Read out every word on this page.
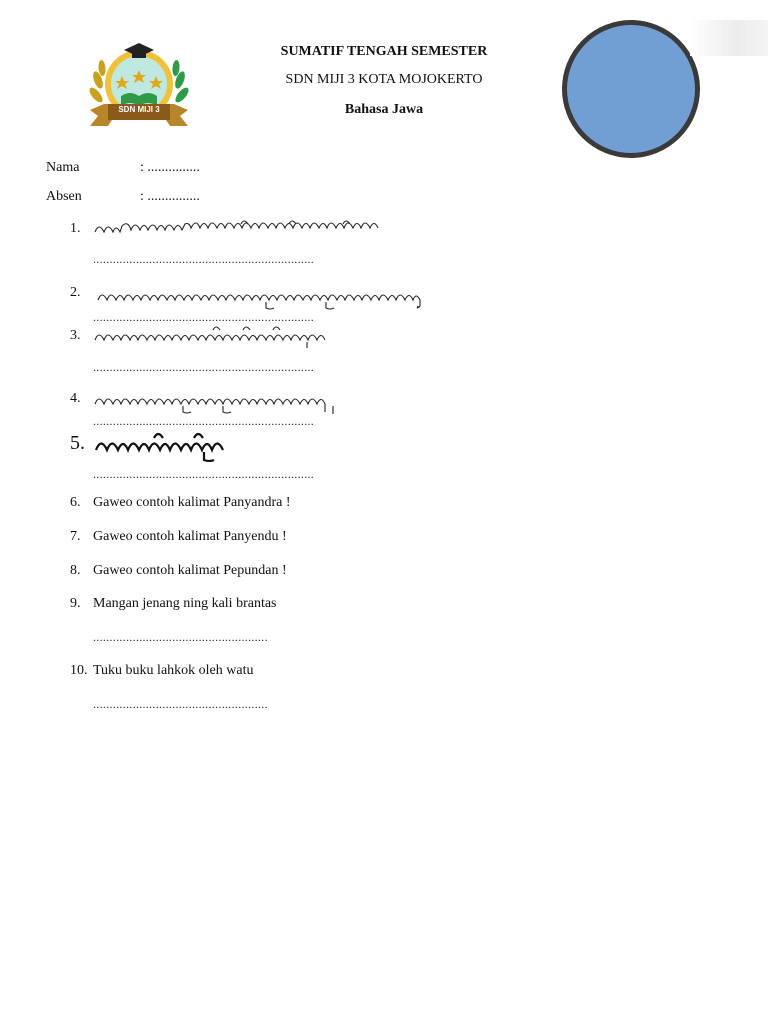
SDN MIJI 3
SUMATIF TENGAH SEMESTER
SDN MIJI 3 KOTA MOJOKERTO
Bahasa Jawa
Nama	: ...............
Absen	: ...............
1.
...................................................................
2.
...................................................................
3.
...................................................................
4.
...................................................................
5.
...................................................................
6. Gaweo contoh kalimat Panyandra !
7. Gaweo contoh kalimat Panyendu !
8. Gaweo contoh kalimat Pepundan !
9. Mangan jenang ning kali brantas
.....................................................
10. Tuku buku lahkok oleh watu
.....................................................
